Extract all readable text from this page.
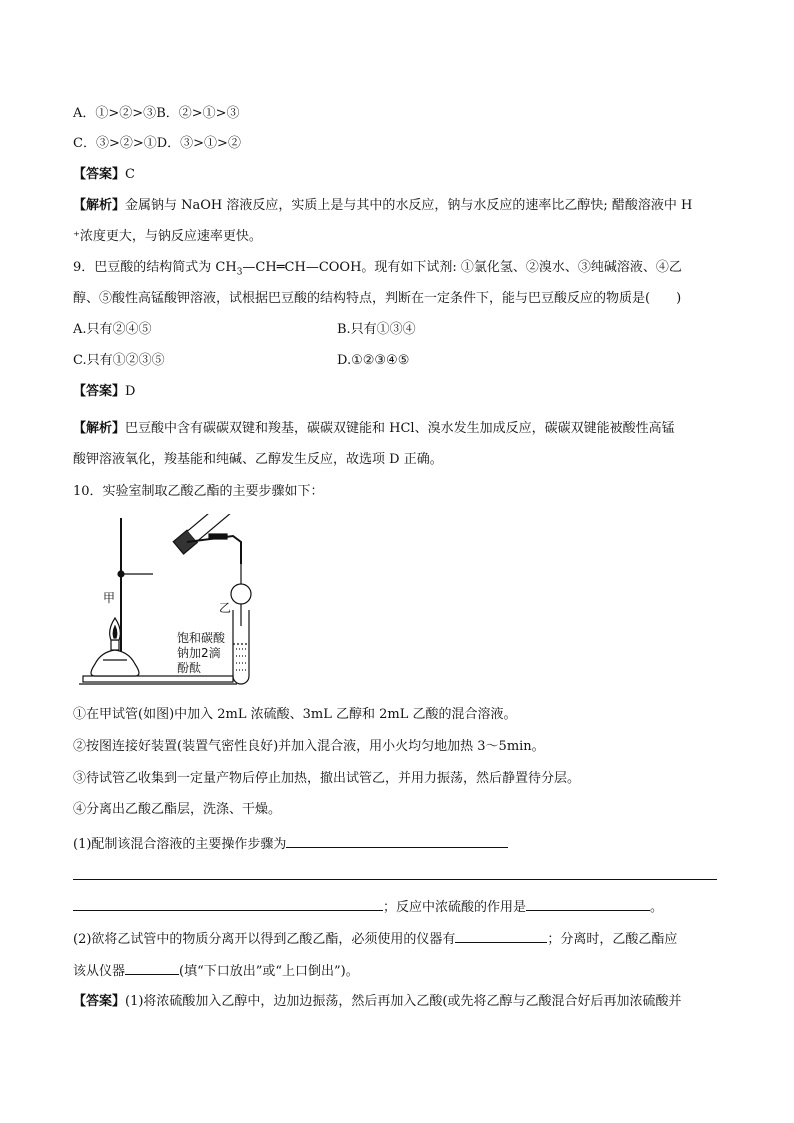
A．①>②>③B．②>①>③
C．③>②>①D．③>①>②
【答案】C
【解析】金属钠与 NaOH 溶液反应，实质上是与其中的水反应，钠与水反应的速率比乙醇快; 醋酸溶液中 H
⁺浓度更大，与钠反应速率更快。
9．巴豆酸的结构简式为 $CH_3—CH═CH—COOH$。现有如下试剂: ①氯化氢、②溴水、③纯碱溶液、④乙
醇、⑤酸性高锰酸钾溶液，试根据巴豆酸的结构特点，判断在一定条件下，能与巴豆酸反应的物质是(　　)
A.只有②④⑤	B.只有①③④
C.只有①②③⑤	D.①②③④⑤
【答案】D
【解析】巴豆酸中含有碳碳双键和羧基，碳碳双键能和 HCl、溴水发生加成反应，碳碳双键能被酸性高锰
酸钾溶液氧化，羧基能和纯碱、乙醇发生反应，故选项 D 正确。
10．实验室制取乙酸乙酯的主要步骤如下：
甲
乙
饱和碳酸
钠加2滴
酚酞
①在甲试管(如图)中加入 2mL 浓硫酸、3mL 乙醇和 2mL 乙酸的混合溶液。
②按图连接好装置(装置气密性良好)并加入混合液，用小火均匀地加热 3～5min。
③待试管乙收集到一定量产物后停止加热，撤出试管乙，并用力振荡，然后静置待分层。
④分离出乙酸乙酯层，洗涤、干燥。
(1)配制该混合溶液的主要操作步骤为
；反应中浓硫酸的作用是	。
(2)欲将乙试管中的物质分离开以得到乙酸乙酯，必须使用的仪器有	；分离时，乙酸乙酯应
该从仪器	(填“下口放出”或“上口倒出”)。
【答案】(1)将浓硫酸加入乙醇中，边加边振荡，然后再加入乙酸(或先将乙醇与乙酸混合好后再加浓硫酸并
